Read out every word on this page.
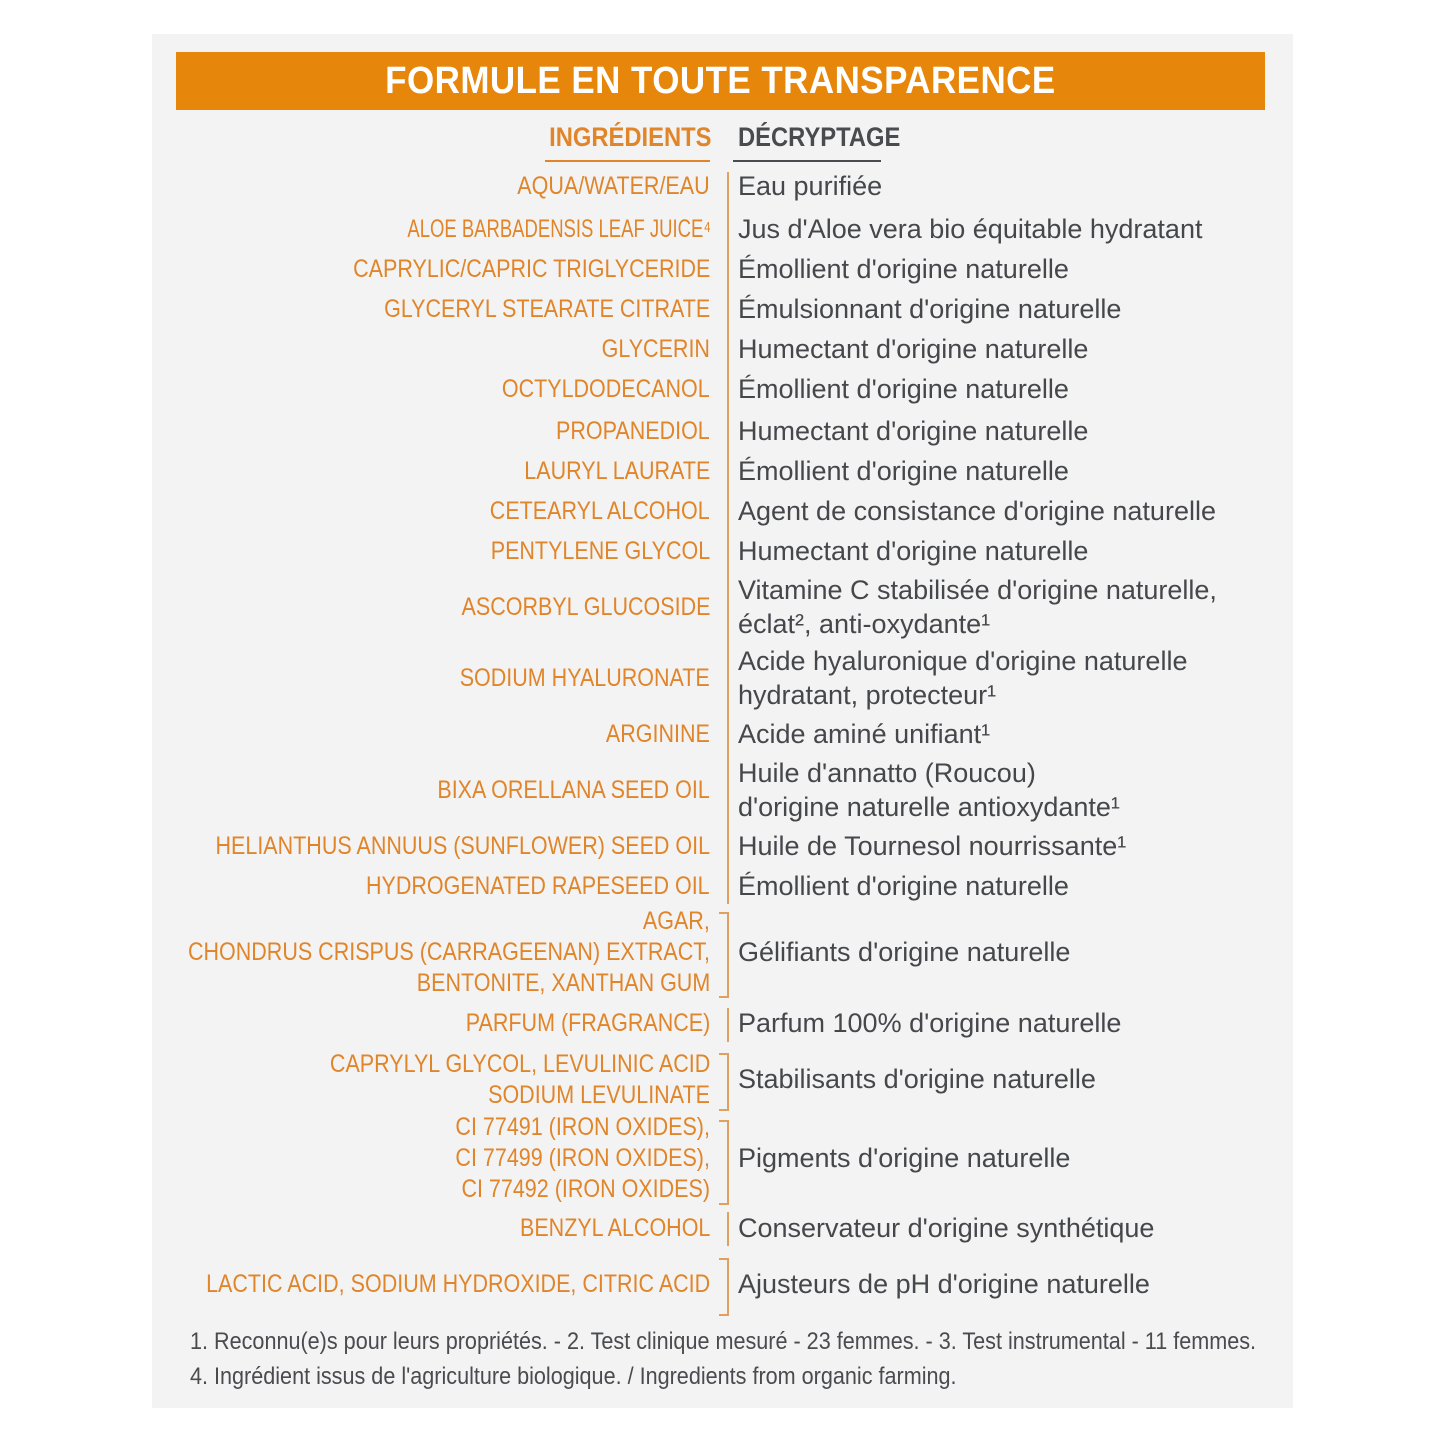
FORMULE EN TOUTE TRANSPARENCE
INGRÉDIENTS DÉCRYPTAGE
AQUA/WATER/EAU Eau purifiée
ALOE BARBADENSIS LEAF JUICE4 Jus d'Aloe vera bio équitable hydratant
CAPRYLIC/CAPRIC TRIGLYCERIDE Émollient d'origine naturelle
GLYCERYL STEARATE CITRATE Émulsionnant d'origine naturelle
GLYCERIN Humectant d'origine naturelle
OCTYLDODECANOL Émollient d'origine naturelle
PROPANEDIOL Humectant d'origine naturelle
LAURYL LAURATE Émollient d'origine naturelle
CETEARYL ALCOHOL Agent de consistance d'origine naturelle
PENTYLENE GLYCOL Humectant d'origine naturelle
ASCORBYL GLUCOSIDE
Vitamine C stabilisée d'origine naturelle,
éclat², anti-oxydante¹
SODIUM HYALURONATE
Acide hyaluronique d'origine naturelle
hydratant, protecteur¹
ARGININE Acide aminé unifiant¹
BIXA ORELLANA SEED OIL
Huile d'annatto (Roucou)
d'origine naturelle antioxydante¹
HELIANTHUS ANNUUS (SUNFLOWER) SEED OIL Huile de Tournesol nourrissante¹
HYDROGENATED RAPESEED OIL Émollient d'origine naturelle
AGAR,
CHONDRUS CRISPUS (CARRAGEENAN) EXTRACT,
BENTONITE, XANTHAN GUM
Gélifiants d'origine naturelle
PARFUM (FRAGRANCE) Parfum 100% d'origine naturelle
CAPRYLYL GLYCOL, LEVULINIC ACID
SODIUM LEVULINATE
Stabilisants d'origine naturelle
CI 77491 (IRON OXIDES),
CI 77499 (IRON OXIDES),
CI 77492 (IRON OXIDES)
Pigments d'origine naturelle
BENZYL ALCOHOL Conservateur d'origine synthétique
LACTIC ACID, SODIUM HYDROXIDE, CITRIC ACID Ajusteurs de pH d'origine naturelle
1. Reconnu(e)s pour leurs propriétés. - 2. Test clinique mesuré - 23 femmes. - 3. Test instrumental - 11 femmes.
4. Ingrédient issus de l'agriculture biologique. / Ingredients from organic farming.
